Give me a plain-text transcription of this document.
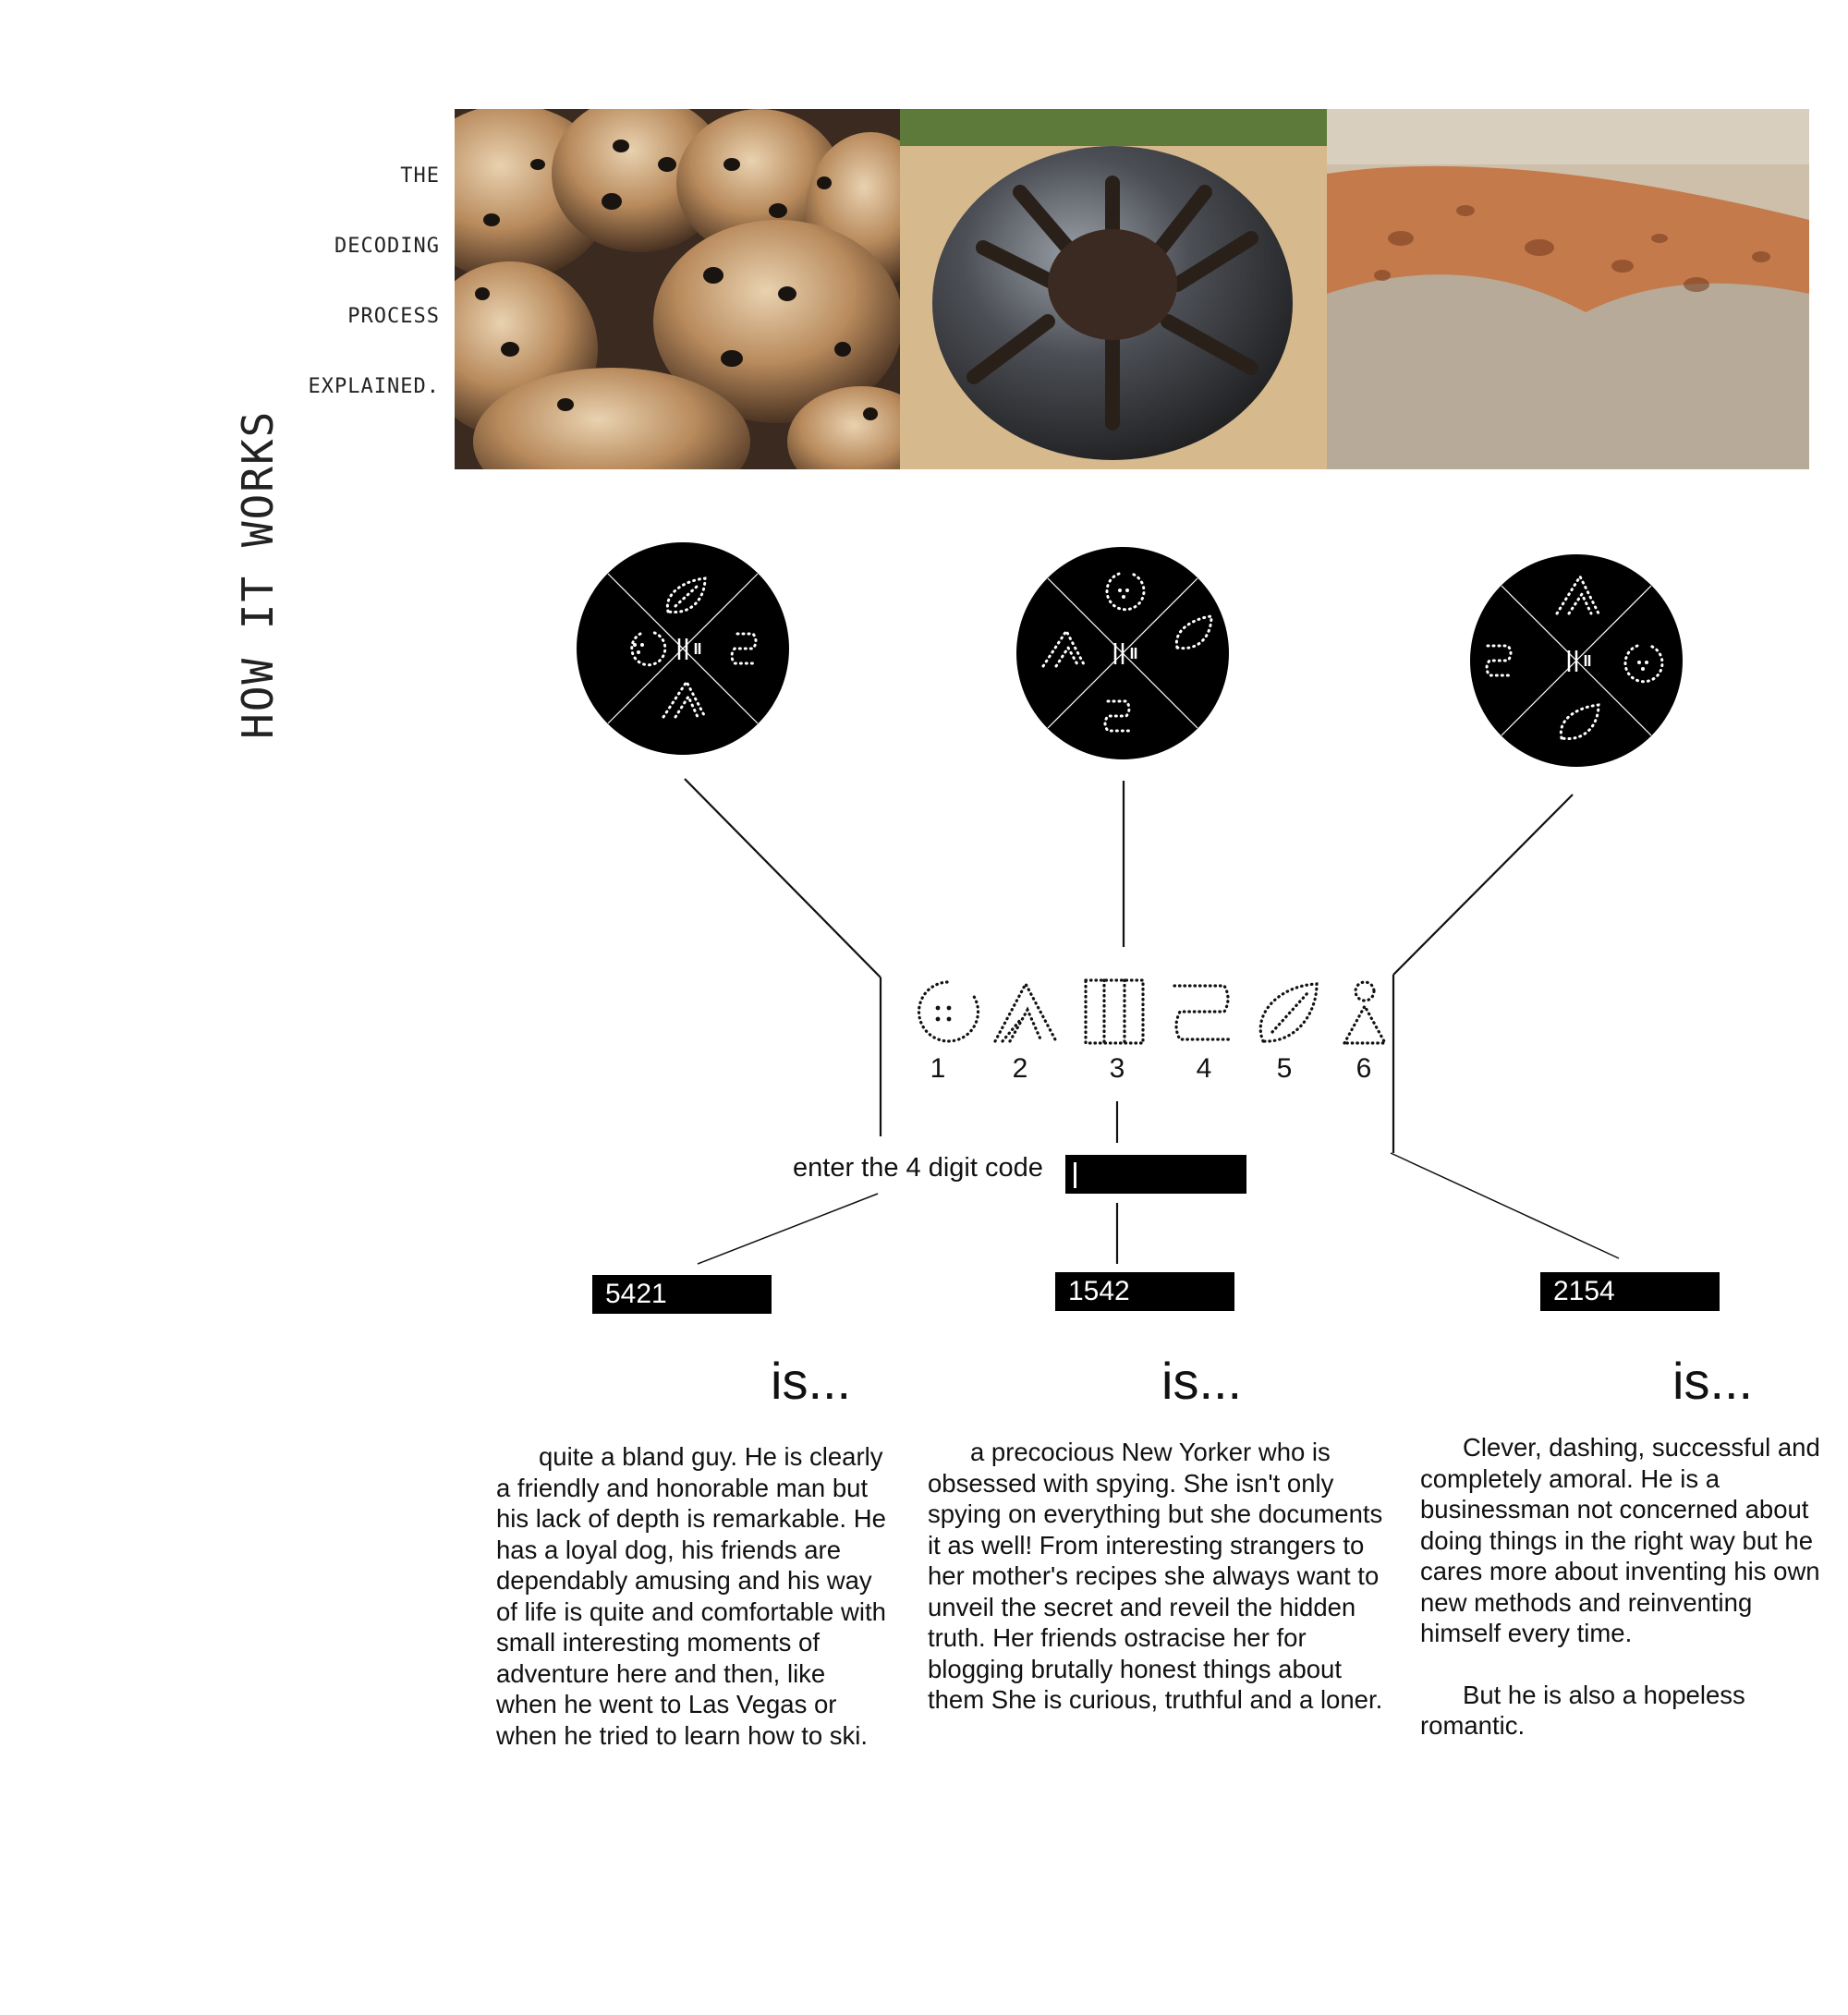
HOW IT WORKS
THE
DECODING
PROCESS
EXPLAINED.
1	2	3	4	5	6
enter the 4 digit code
5421	1542	2154
is...	is...	is...

quite a bland guy. He is clearly a friendly and honorable man but his lack of depth is remarkable. He has a loyal dog, his friends are dependably amusing and his way of life is quite and comfortable with small interesting moments of adventure here and then, like when he went to Las Vegas or when he tried to learn how to ski.

a precocious New Yorker who is obsessed with spying. She isn't only spying on everything but she documents it as well! From interesting strangers to her mother's recipes she always want to unveil the secret and reveil the hidden truth. Her friends ostracise her for blogging brutally honest things about them She is curious, truthful and a loner.

Clever, dashing, successful and completely amoral. He is a businessman not concerned about doing things in the right way but he cares more about inventing his own new methods and reinventing himself every time.

But he is also a hopeless romantic.
